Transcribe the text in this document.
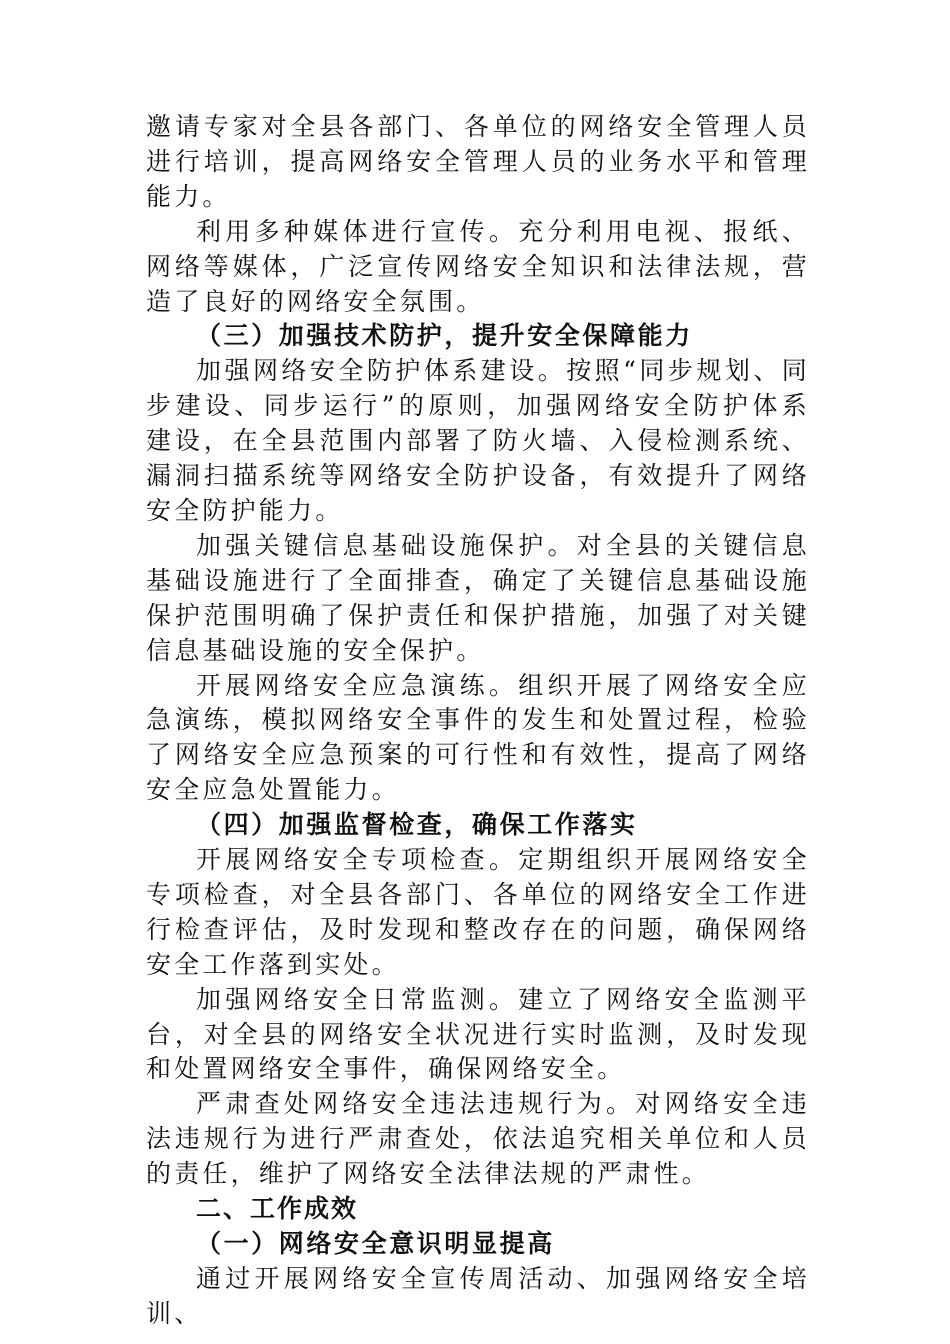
邀请专家对全县各部门、各单位的网络安全管理人员进行培训，提高网络安全管理人员的业务水平和管理能力。

利用多种媒体进行宣传。充分利用电视、报纸、网络等媒体，广泛宣传网络安全知识和法律法规，营造了良好的网络安全氛围。

（三）加强技术防护，提升安全保障能力

加强网络安全防护体系建设。按照“同步规划、同步建设、同步运行”的原则，加强网络安全防护体系建设，在全县范围内部署了防火墙、入侵检测系统、漏洞扫描系统等网络安全防护设备，有效提升了网络安全防护能力。

加强关键信息基础设施保护。对全县的关键信息基础设施进行了全面排查，确定了关键信息基础设施保护范围明确了保护责任和保护措施，加强了对关键信息基础设施的安全保护。

开展网络安全应急演练。组织开展了网络安全应急演练，模拟网络安全事件的发生和处置过程，检验了网络安全应急预案的可行性和有效性，提高了网络安全应急处置能力。

（四）加强监督检查，确保工作落实

开展网络安全专项检查。定期组织开展网络安全专项检查，对全县各部门、各单位的网络安全工作进行检查评估，及时发现和整改存在的问题，确保网络安全工作落到实处。

加强网络安全日常监测。建立了网络安全监测平台，对全县的网络安全状况进行实时监测，及时发现和处置网络安全事件，确保网络安全。

严肃查处网络安全违法违规行为。对网络安全违法违规行为进行严肃查处，依法追究相关单位和人员的责任，维护了网络安全法律法规的严肃性。

二、工作成效

（一）网络安全意识明显提高

通过开展网络安全宣传周活动、加强网络安全培训、
